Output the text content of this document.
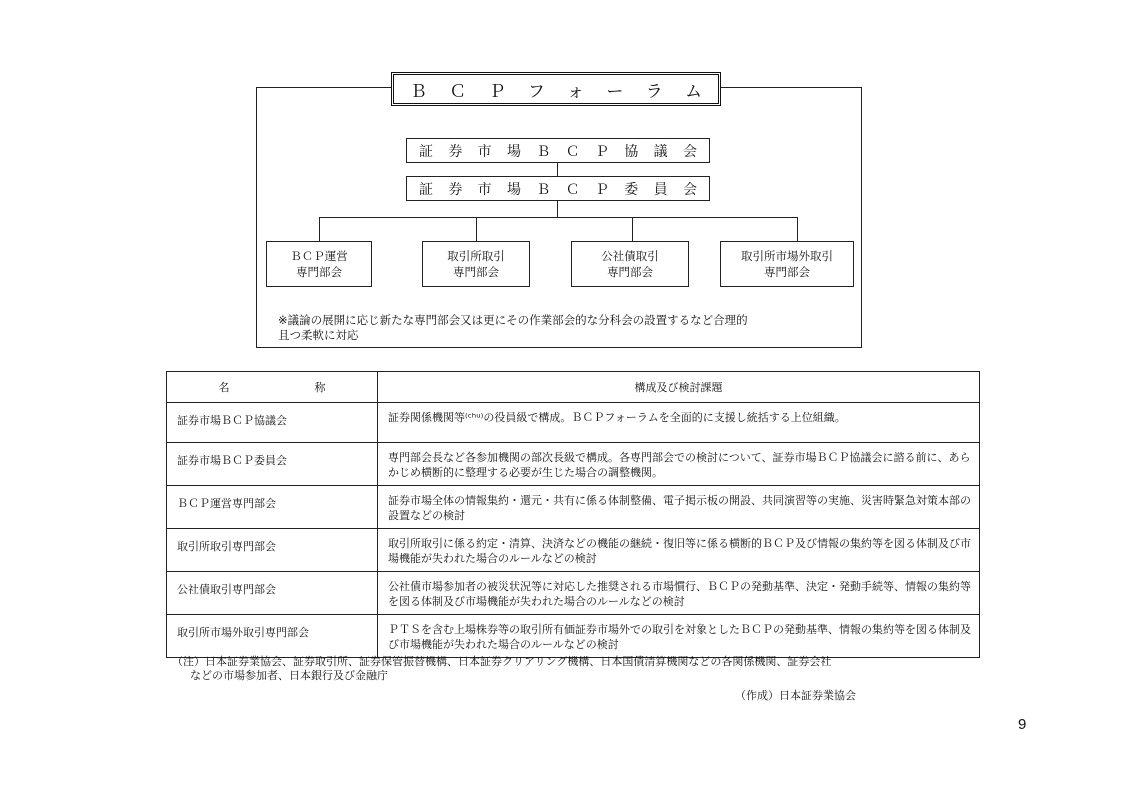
Ｂ Ｃ Ｐ フ ォ ー ラ ム
証 券 市 場 Ｂ Ｃ Ｐ 協 議 会
証 券 市 場 Ｂ Ｃ Ｐ 委 員 会
ＢＣＰ運営
専門部会
取引所取引
専門部会
公社債取引
専門部会
取引所市場外取引
専門部会
※議論の展開に応じ新たな専門部会又は更にその作業部会的な分科会の設置するなど合理的
且つ柔軟に対応
名 称	構成及び検討課題
証券市場ＢＣＰ協議会	証券関係機関等⁽ᶜʰᵘ⁾の役員級で構成。ＢＣＰフォーラムを全面的に支援し統括する上位組織。
証券市場ＢＣＰ委員会	専門部会長など各参加機関の部次長級で構成。各専門部会での検討について、証券市場ＢＣＰ協議会に諮る前に、あらかじめ横断的に整理する必要が生じた場合の調整機関。
ＢＣＰ運営専門部会	証券市場全体の情報集約・還元・共有に係る体制整備、電子掲示板の開設、共同演習等の実施、災害時緊急対策本部の設置などの検討
取引所取引専門部会	取引所取引に係る約定・清算、決済などの機能の継続・復旧等に係る横断的ＢＣＰ及び情報の集約等を図る体制及び市場機能が失われた場合のルールなどの検討
公社債取引専門部会	公社債市場参加者の被災状況等に対応した推奨される市場慣行、ＢＣＰの発動基準、決定・発動手続等、情報の集約等を図る体制及び市場機能が失われた場合のルールなどの検討
取引所市場外取引専門部会	ＰＴＳを含む上場株券等の取引所有価証券市場外での取引を対象としたＢＣＰの発動基準、情報の集約等を図る体制及び市場機能が失われた場合のルールなどの検討
（注）日本証券業協会、証券取引所、証券保管振替機構、日本証券クリアリング機構、日本国債清算機関などの各関係機関、証券会社
などの市場参加者、日本銀行及び金融庁
（作成）日本証券業協会
9
